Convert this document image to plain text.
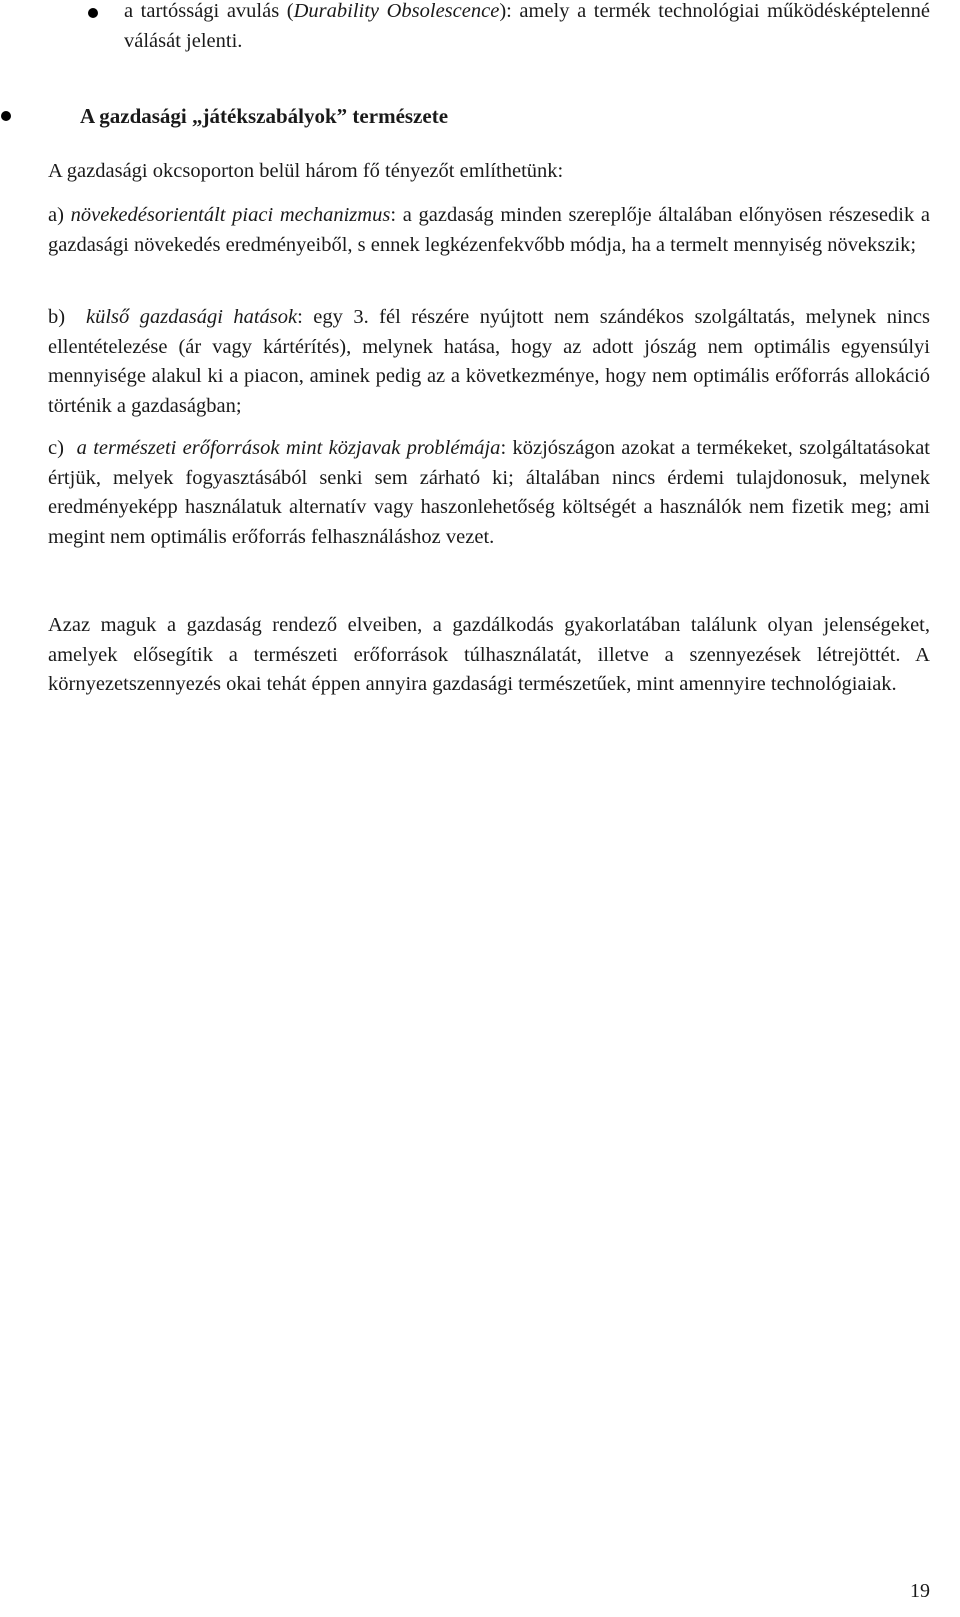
a tartóssági avulás (Durability Obsolescence): amely a termék technológiai működésképtelenné válását jelenti.
A gazdasági „játékszabályok” természete
A gazdasági okcsoporton belül három fő tényezőt említhetünk:
a) növekedésorientált piaci mechanizmus: a gazdaság minden szereplője általában előnyösen részesedik a gazdasági növekedés eredményeiből, s ennek legkézenfekvőbb módja, ha a termelt mennyiség növekszik;
b) külső gazdasági hatások: egy 3. fél részére nyújtott nem szándékos szolgáltatás, melynek nincs ellentételezése (ár vagy kártérítés), melynek hatása, hogy az adott jószág nem optimális egyensúlyi mennyisége alakul ki a piacon, aminek pedig az a következménye, hogy nem optimális erőforrás allokáció történik a gazdaságban;
c) a természeti erőforrások mint közjavak problémája: közjószágon azokat a termékeket, szolgáltatásokat értjük, melyek fogyasztásából senki sem zárható ki; általában nincs érdemi tulajdonosuk, melynek eredményeképp használatuk alternatív vagy haszonlehetőség költségét a használók nem fizetik meg; ami megint nem optimális erőforrás felhasználáshoz vezet.
Azaz maguk a gazdaság rendező elveiben, a gazdálkodás gyakorlatában találunk olyan jelenségeket, amelyek elősegítik a természeti erőforrások túlhasználatát, illetve a szennyezések létrejöttét. A környezetszennyezés okai tehát éppen annyira gazdasági természetűek, mint amennyire technológiaiak.
19
